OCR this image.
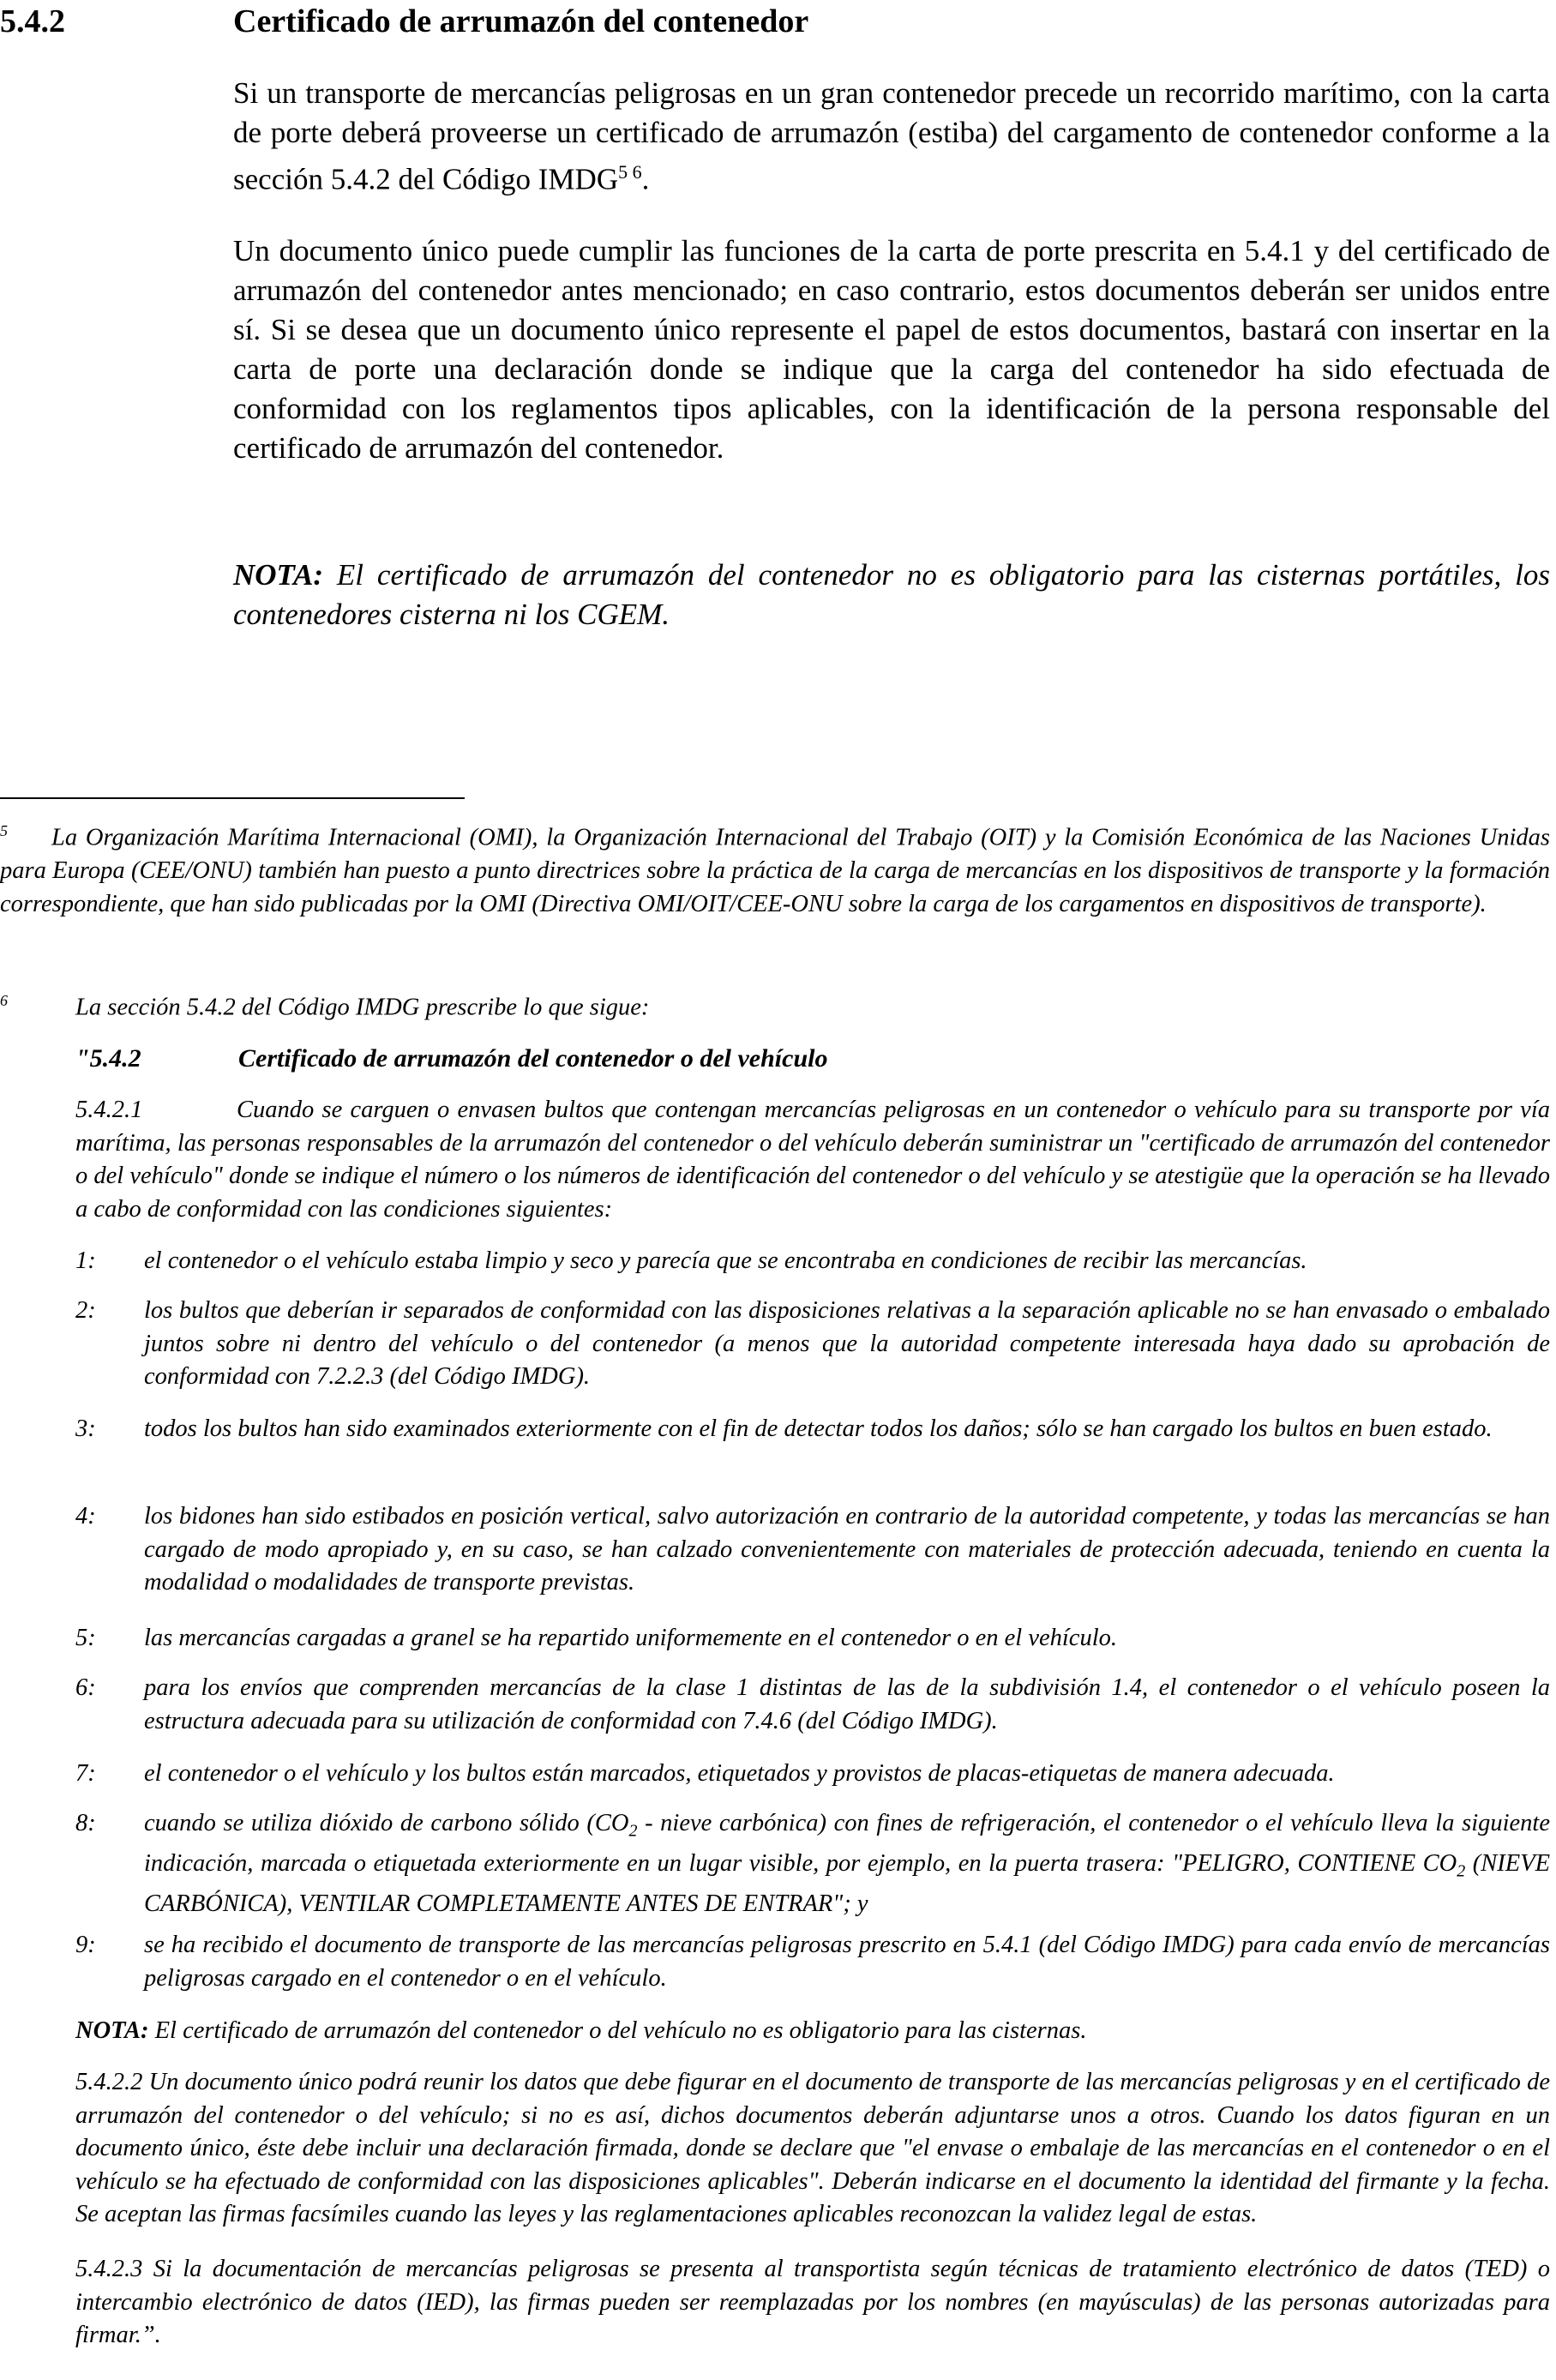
5.4.2	Certificado de arrumazón del contenedor

Si un transporte de mercancías peligrosas en un gran contenedor precede un recorrido marítimo, con la carta de porte deberá proveerse un certificado de arrumazón (estiba) del cargamento de contenedor conforme a la sección 5.4.2 del Código $IMDG^{5 6}$.

Un documento único puede cumplir las funciones de la carta de porte prescrita en 5.4.1 y del certificado de arrumazón del contenedor antes mencionado; en caso contrario, estos documentos deberán ser unidos entre sí. Si se desea que un documento único represente el papel de estos documentos, bastará con insertar en la carta de porte una declaración donde se indique que la carga del contenedor ha sido efectuada de conformidad con los reglamentos tipos aplicables, con la identificación de la persona responsable del certificado de arrumazón del contenedor.

NOTA: El certificado de arrumazón del contenedor no es obligatorio para las cisternas portátiles, los contenedores cisterna ni los CGEM.

$^5$ La Organización Marítima Internacional (OMI), la Organización Internacional del Trabajo (OIT) y la Comisión Económica de las Naciones Unidas para Europa (CEE/ONU) también han puesto a punto directrices sobre la práctica de la carga de mercancías en los dispositivos de transporte y la formación correspondiente, que han sido publicadas por la OMI (Directiva OMI/OIT/CEE-ONU sobre la carga de los cargamentos en dispositivos de transporte).

$^6$	La sección 5.4.2 del Código IMDG prescribe lo que sigue:

"5.4.2	Certificado de arrumazón del contenedor o del vehículo

5.4.2.1	Cuando se carguen o envasen bultos que contengan mercancías peligrosas en un contenedor o vehículo para su transporte por vía marítima, las personas responsables de la arrumazón del contenedor o del vehículo deberán suministrar un "certificado de arrumazón del contenedor o del vehículo" donde se indique el número o los números de identificación del contenedor o del vehículo y se atestigüe que la operación se ha llevado a cabo de conformidad con las condiciones siguientes:

1: el contenedor o el vehículo estaba limpio y seco y parecía que se encontraba en condiciones de recibir las mercancías.
2: los bultos que deberían ir separados de conformidad con las disposiciones relativas a la separación aplicable no se han envasado o embalado juntos sobre ni dentro del vehículo o del contenedor (a menos que la autoridad competente interesada haya dado su aprobación de conformidad con 7.2.2.3 (del Código IMDG).
3: todos los bultos han sido examinados exteriormente con el fin de detectar todos los daños; sólo se han cargado los bultos en buen estado.
4: los bidones han sido estibados en posición vertical, salvo autorización en contrario de la autoridad competente, y todas las mercancías se han cargado de modo apropiado y, en su caso, se han calzado convenientemente con materiales de protección adecuada, teniendo en cuenta la modalidad o modalidades de transporte previstas.
5: las mercancías cargadas a granel se ha repartido uniformemente en el contenedor o en el vehículo.
6: para los envíos que comprenden mercancías de la clase 1 distintas de las de la subdivisión 1.4, el contenedor o el vehículo poseen la estructura adecuada para su utilización de conformidad con 7.4.6 (del Código IMDG).
7: el contenedor o el vehículo y los bultos están marcados, etiquetados y provistos de placas-etiquetas de manera adecuada.
8: cuando se utiliza dióxido de carbono sólido ($CO_2$ - nieve carbónica) con fines de refrigeración, el contenedor o el vehículo lleva la siguiente indicación, marcada o etiquetada exteriormente en un lugar visible, por ejemplo, en la puerta trasera: "PELIGRO, CONTIENE $CO_2$ (NIEVE CARBÓNICA), VENTILAR COMPLETAMENTE ANTES DE ENTRAR"; y
9: se ha recibido el documento de transporte de las mercancías peligrosas prescrito en 5.4.1 (del Código IMDG) para cada envío de mercancías peligrosas cargado en el contenedor o en el vehículo.
NOTA: El certificado de arrumazón del contenedor o del vehículo no es obligatorio para las cisternas.

5.4.2.2 Un documento único podrá reunir los datos que debe figurar en el documento de transporte de las mercancías peligrosas y en el certificado de arrumazón del contenedor o del vehículo; si no es así, dichos documentos deberán adjuntarse unos a otros. Cuando los datos figuran en un documento único, éste debe incluir una declaración firmada, donde se declare que "el envase o embalaje de las mercancías en el contenedor o en el vehículo se ha efectuado de conformidad con las disposiciones aplicables". Deberán indicarse en el documento la identidad del firmante y la fecha. Se aceptan las firmas facsímiles cuando las leyes y las reglamentaciones aplicables reconozcan la validez legal de estas.

5.4.2.3 Si la documentación de mercancías peligrosas se presenta al transportista según técnicas de tratamiento electrónico de datos (TED) o intercambio electrónico de datos (IED), las firmas pueden ser reemplazadas por los nombres (en mayúsculas) de las personas autorizadas para firmar.”.
